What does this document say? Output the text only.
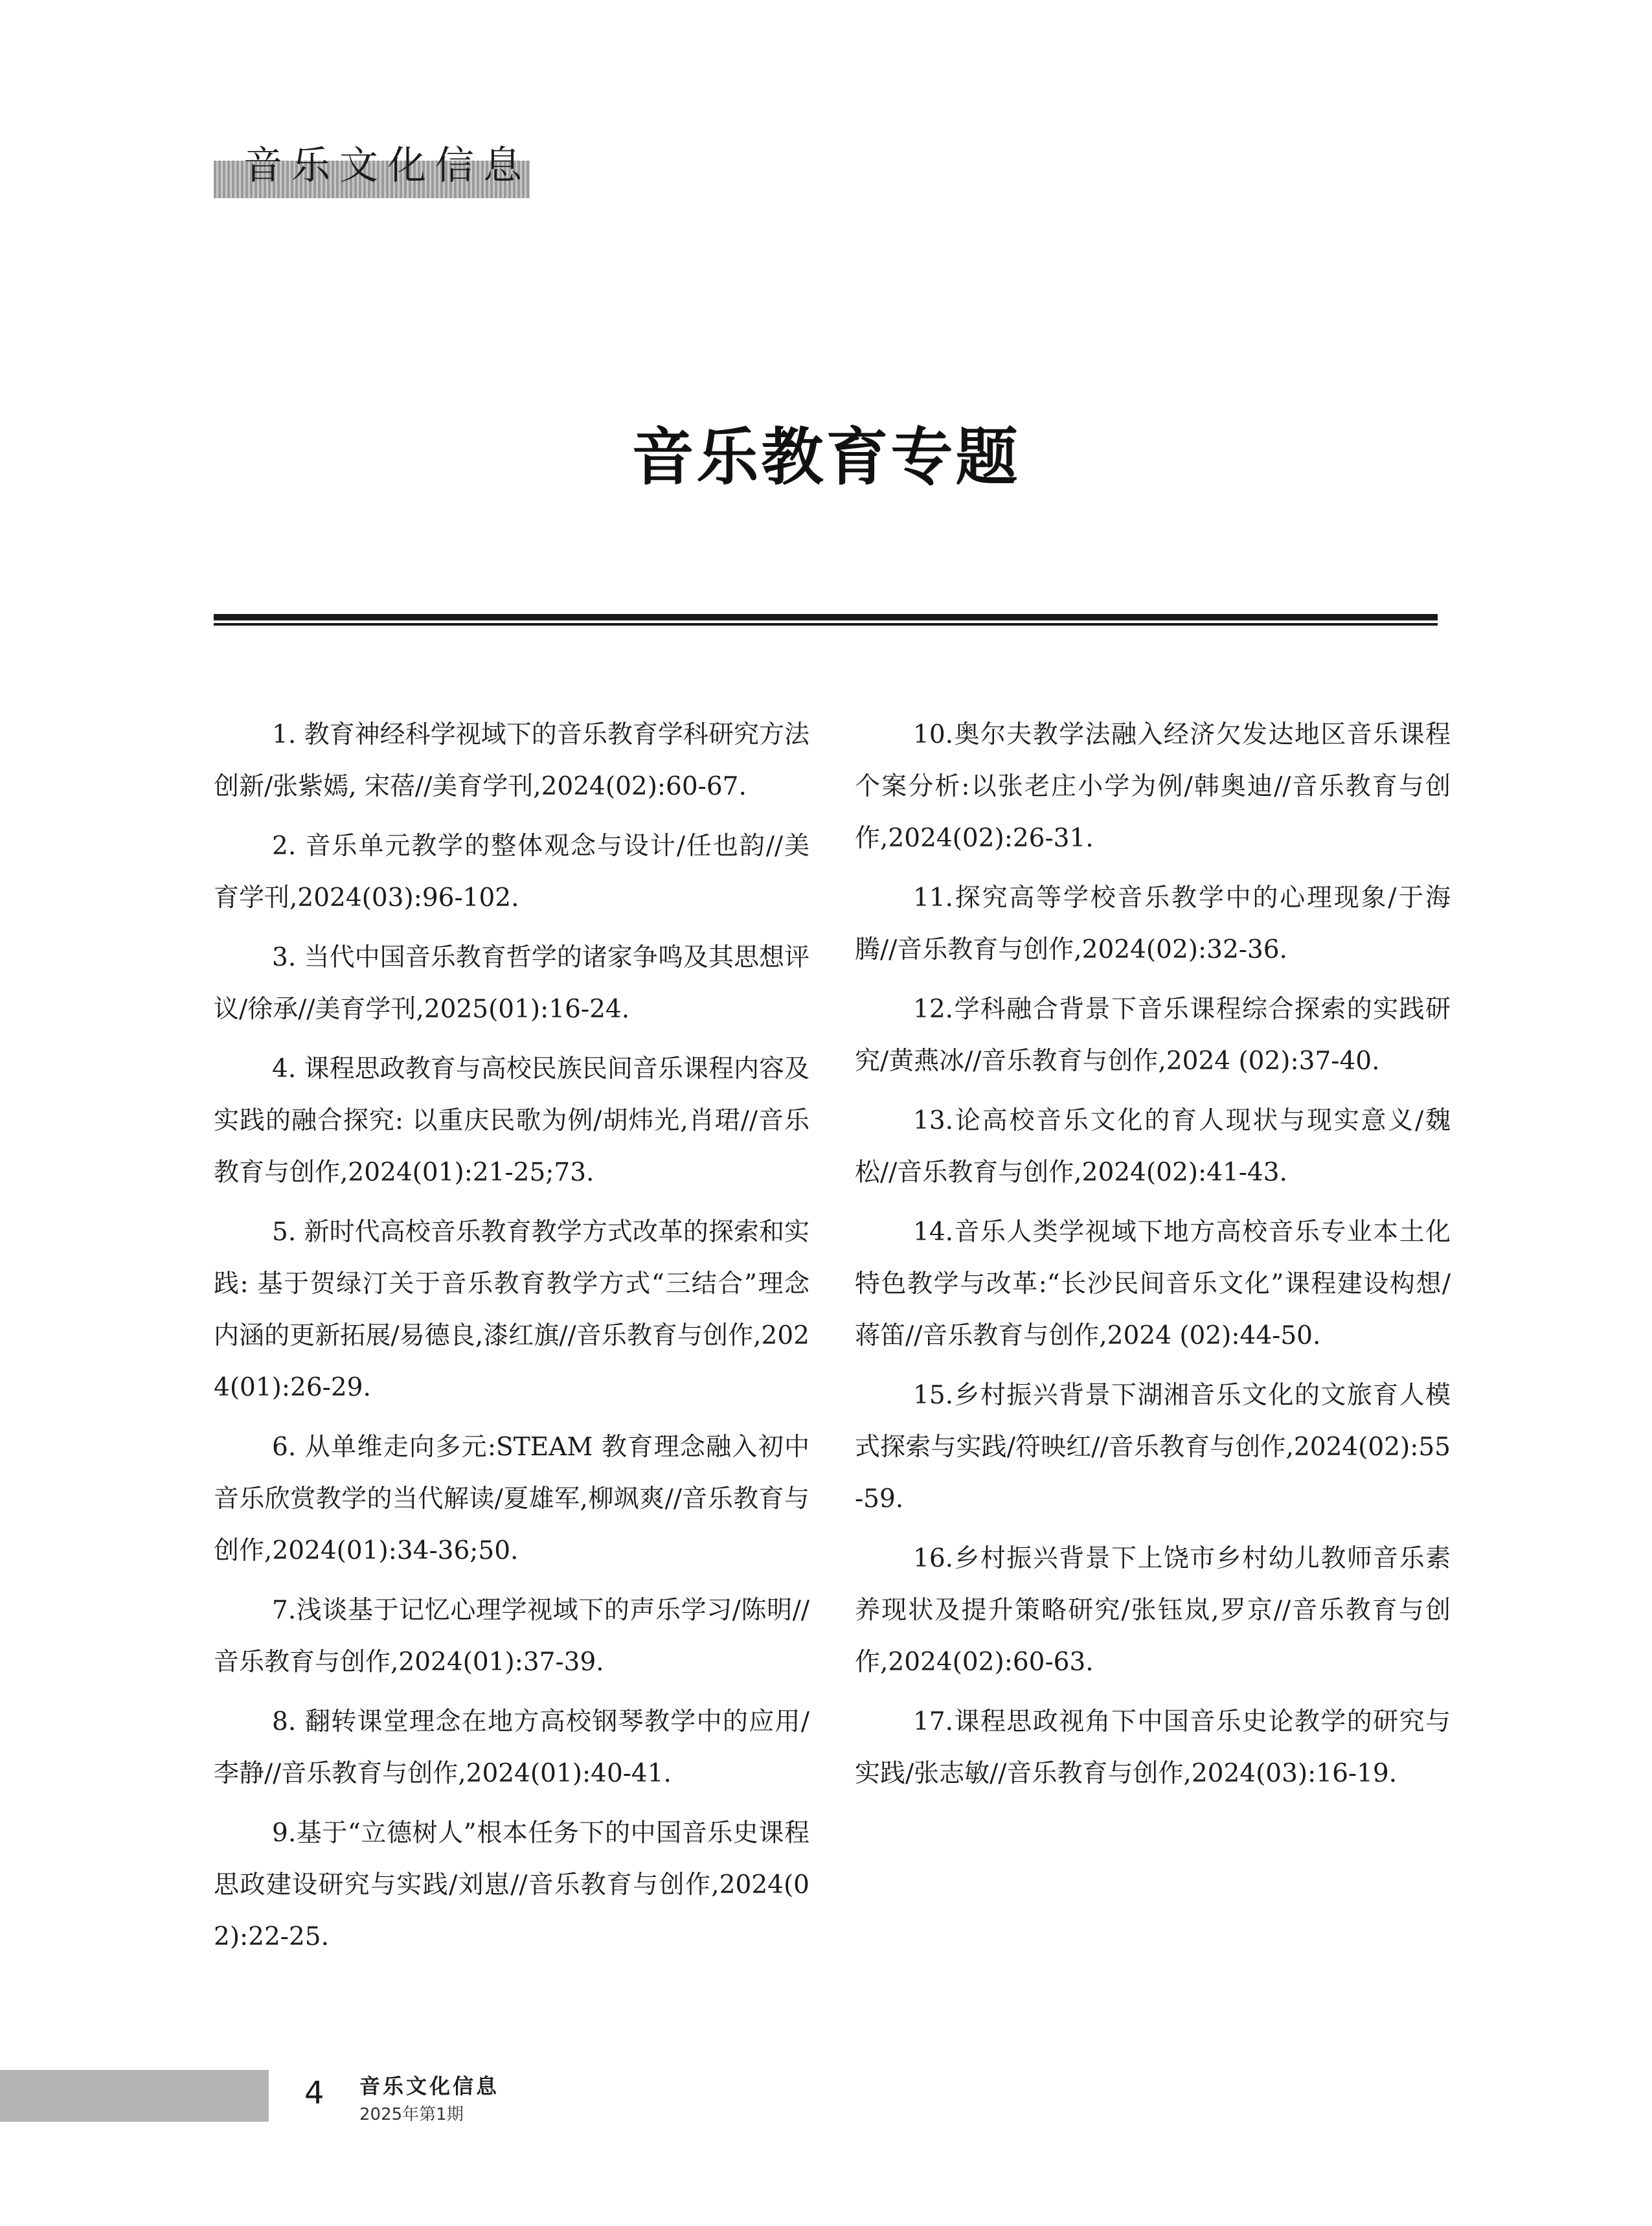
音乐文化信息
音乐教育专题

1. 教育神经科学视域下的音乐教育学科研究方法创新/张紫嫣, 宋蓓//美育学刊,2024(02):60-67.

2. 音乐单元教学的整体观念与设计/任也韵//美育学刊,2024(03):96-102.

3. 当代中国音乐教育哲学的诸家争鸣及其思想评议/徐承//美育学刊,2025(01):16-24.

4. 课程思政教育与高校民族民间音乐课程内容及实践的融合探究: 以重庆民歌为例/胡炜光,肖珺//音乐教育与创作,2024(01):21-25;73.

5. 新时代高校音乐教育教学方式改革的探索和实践: 基于贺绿汀关于音乐教育教学方式“三结合”理念内涵的更新拓展/易德良,漆红旗//音乐教育与创作,2024(01):26-29.

6. 从单维走向多元:STEAM 教育理念融入初中音乐欣赏教学的当代解读/夏雄军,柳飒爽//音乐教育与创作,2024(01):34-36;50.

7.浅谈基于记忆心理学视域下的声乐学习/陈明//音乐教育与创作,2024(01):37-39.

8. 翻转课堂理念在地方高校钢琴教学中的应用/李静//音乐教育与创作,2024(01):40-41.

9.基于“立德树人”根本任务下的中国音乐史课程思政建设研究与实践/刘崽//音乐教育与创作,2024(02):22-25.

10.奥尔夫教学法融入经济欠发达地区音乐课程个案分析:以张老庄小学为例/韩奥迪//音乐教育与创作,2024(02):26-31.

11.探究高等学校音乐教学中的心理现象/于海腾//音乐教育与创作,2024(02):32-36.

12.学科融合背景下音乐课程综合探索的实践研究/黄燕冰//音乐教育与创作,2024 (02):37-40.

13.论高校音乐文化的育人现状与现实意义/魏松//音乐教育与创作,2024(02):41-43.

14.音乐人类学视域下地方高校音乐专业本土化特色教学与改革:“长沙民间音乐文化”课程建设构想/蒋笛//音乐教育与创作,2024 (02):44-50.

15.乡村振兴背景下湖湘音乐文化的文旅育人模式探索与实践/符映红//音乐教育与创作,2024(02):55-59.

16.乡村振兴背景下上饶市乡村幼儿教师音乐素养现状及提升策略研究/张钰岚,罗京//音乐教育与创作,2024(02):60-63.

17.课程思政视角下中国音乐史论教学的研究与实践/张志敏//音乐教育与创作,2024(03):16-19.

4 音乐文化信息
2025年第1期
